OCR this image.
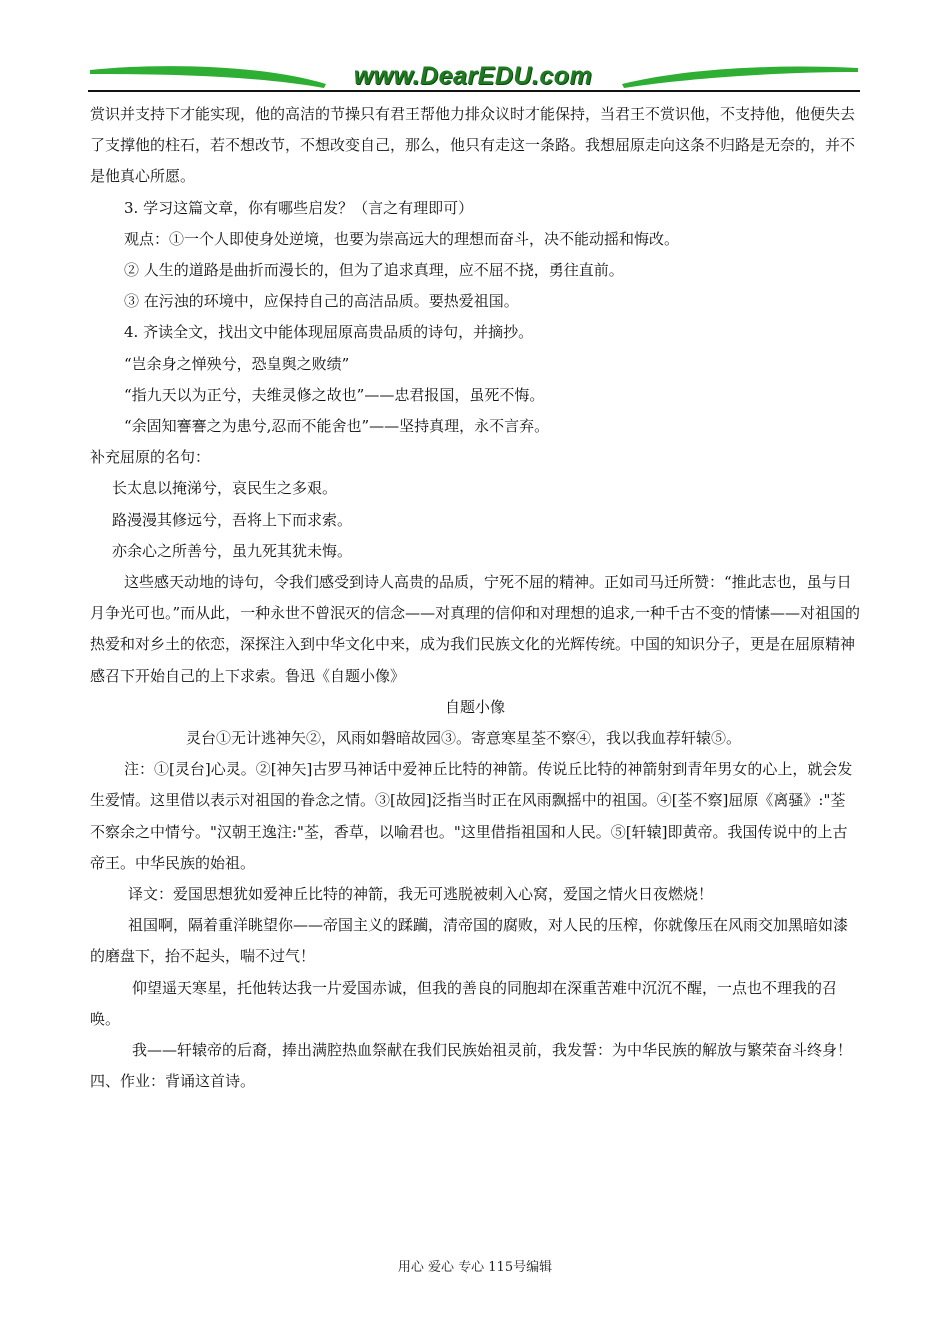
www.DearEDU.com

赏识并支持下才能实现，他的高洁的节操只有君王帮他力排众议时才能保持，当君王不赏识他，不支持他，他便失去了支撑他的柱石，若不想改节，不想改变自己，那么，他只有走这一条路。我想屈原走向这条不归路是无奈的，并不是他真心所愿。

3. 学习这篇文章，你有哪些启发？（言之有理即可）

观点：①一个人即使身处逆境，也要为崇高远大的理想而奋斗，决不能动摇和悔改。

② 人生的道路是曲折而漫长的，但为了追求真理，应不屈不挠，勇往直前。

③ 在污浊的环境中，应保持自己的高洁品质。要热爱祖国。

4. 齐读全文，找出文中能体现屈原高贵品质的诗句，并摘抄。

“岂余身之惮殃兮，恐皇舆之败绩”

“指九天以为正兮，夫维灵修之故也”——忠君报国，虽死不悔。

“余固知謇謇之为患兮,忍而不能舍也”——坚持真理，永不言弃。

补充屈原的名句：

长太息以掩涕兮，哀民生之多艰。

路漫漫其修远兮，吾将上下而求索。

亦余心之所善兮，虽九死其犹未悔。

这些感天动地的诗句，令我们感受到诗人高贵的品质，宁死不屈的精神。正如司马迁所赞：“推此志也，虽与日月争光可也。”而从此，一种永世不曾泯灭的信念——对真理的信仰和对理想的追求,一种千古不变的情愫——对祖国的热爱和对乡土的依恋，深探注入到中华文化中来，成为我们民族文化的光辉传统。中国的知识分子，更是在屈原精神感召下开始自己的上下求索。鲁迅《自题小像》

自题小像

灵台①无计逃神矢②，风雨如磐暗故园③。寄意寒星荃不察④，我以我血荐轩辕⑤。

注：①[灵台]心灵。②[神矢]古罗马神话中爱神丘比特的神箭。传说丘比特的神箭射到青年男女的心上，就会发生爱情。这里借以表示对祖国的眷念之情。③[故园]泛指当时正在风雨飘摇中的祖国。④[荃不察]屈原《离骚》:"荃不察余之中情兮。"汉朝王逸注:"荃，香草，以喻君也。"这里借指祖国和人民。⑤[轩辕]即黄帝。我国传说中的上古帝王。中华民族的始祖。

译文：爱国思想犹如爱神丘比特的神箭，我无可逃脱被刺入心窝，爱国之情火日夜燃烧！

祖国啊，隔着重洋眺望你——帝国主义的蹂躏，清帝国的腐败，对人民的压榨，你就像压在风雨交加黑暗如漆的磨盘下，抬不起头，喘不过气！

仰望遥天寒星，托他转达我一片爱国赤诚，但我的善良的同胞却在深重苦难中沉沉不醒，一点也不理我的召唤。

我——轩辕帝的后裔，捧出满腔热血祭献在我们民族始祖灵前，我发誓：为中华民族的解放与繁荣奋斗终身！

四、作业：背诵这首诗。

用心 爱心 专心 115号编辑
